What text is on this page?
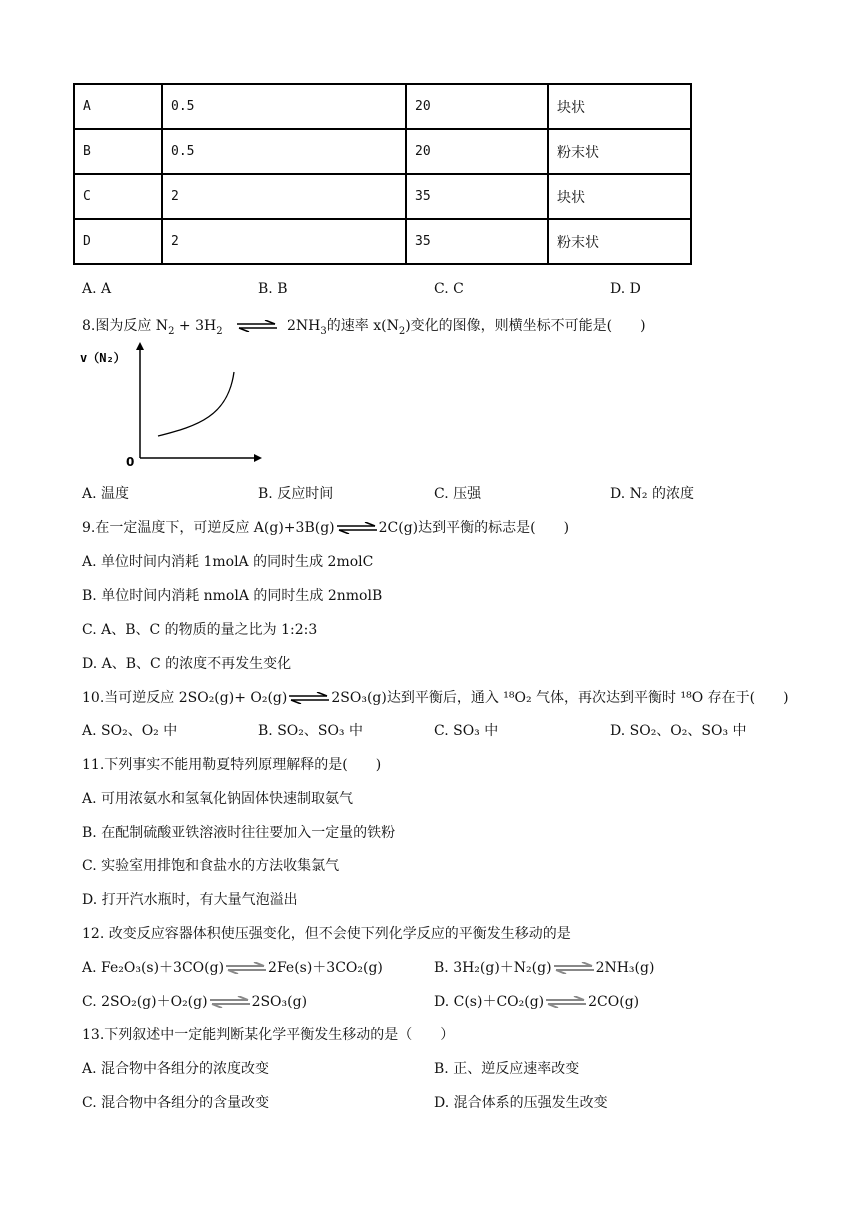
A	0.5	20	块状
B	0.5	20	粉末状
C	2	35	块状
D	2	35	粉末状
A. A	B. B	C. C	D. D
8.图为反应 $N_2 + 3H_2$ ⇌ $2NH_3$的速率 $x(N_2)$变化的图像，则横坐标不可能是(　　)
v（N₂）
0
A. 温度	B. 反应时间	C. 压强	D. N₂ 的浓度
9.在一定温度下，可逆反应 A(g)+3B(g) ⇌ 2C(g)达到平衡的标志是(　　)
A. 单位时间内消耗 1molA 的同时生成 2molC
B. 单位时间内消耗 nmolA 的同时生成 2nmolB
C. A、B、C 的物质的量之比为 1:2:3
D. A、B、C 的浓度不再发生变化
10.当可逆反应 2SO₂(g)+ O₂(g) ⇌ 2SO₃(g)达到平衡后，通入 ¹⁸O₂ 气体，再次达到平衡时 ¹⁸O 存在于(　　)
A. SO₂、O₂ 中	B. SO₂、SO₃ 中	C. SO₃ 中	D. SO₂、O₂、SO₃ 中
11.下列事实不能用勒夏特列原理解释的是(　　)
A. 可用浓氨水和氢氧化钠固体快速制取氨气
B. 在配制硫酸亚铁溶液时往往要加入一定量的铁粉
C. 实验室用排饱和食盐水的方法收集氯气
D. 打开汽水瓶时，有大量气泡溢出
12. 改变反应容器体积使压强变化，但不会使下列化学反应的平衡发生移动的是
A. Fe₂O₃(s)＋3CO(g)	2Fe(s)＋3CO₂(g)	B. 3H₂(g)＋N₂(g)	2NH₃(g)
C. 2SO₂(g)＋O₂(g)	2SO₃(g)	D. C(s)＋CO₂(g)	2CO(g)
13.下列叙述中一定能判断某化学平衡发生移动的是（　　）
A. 混合物中各组分的浓度改变	B. 正、逆反应速率改变
C. 混合物中各组分的含量改变	D. 混合体系的压强发生改变
